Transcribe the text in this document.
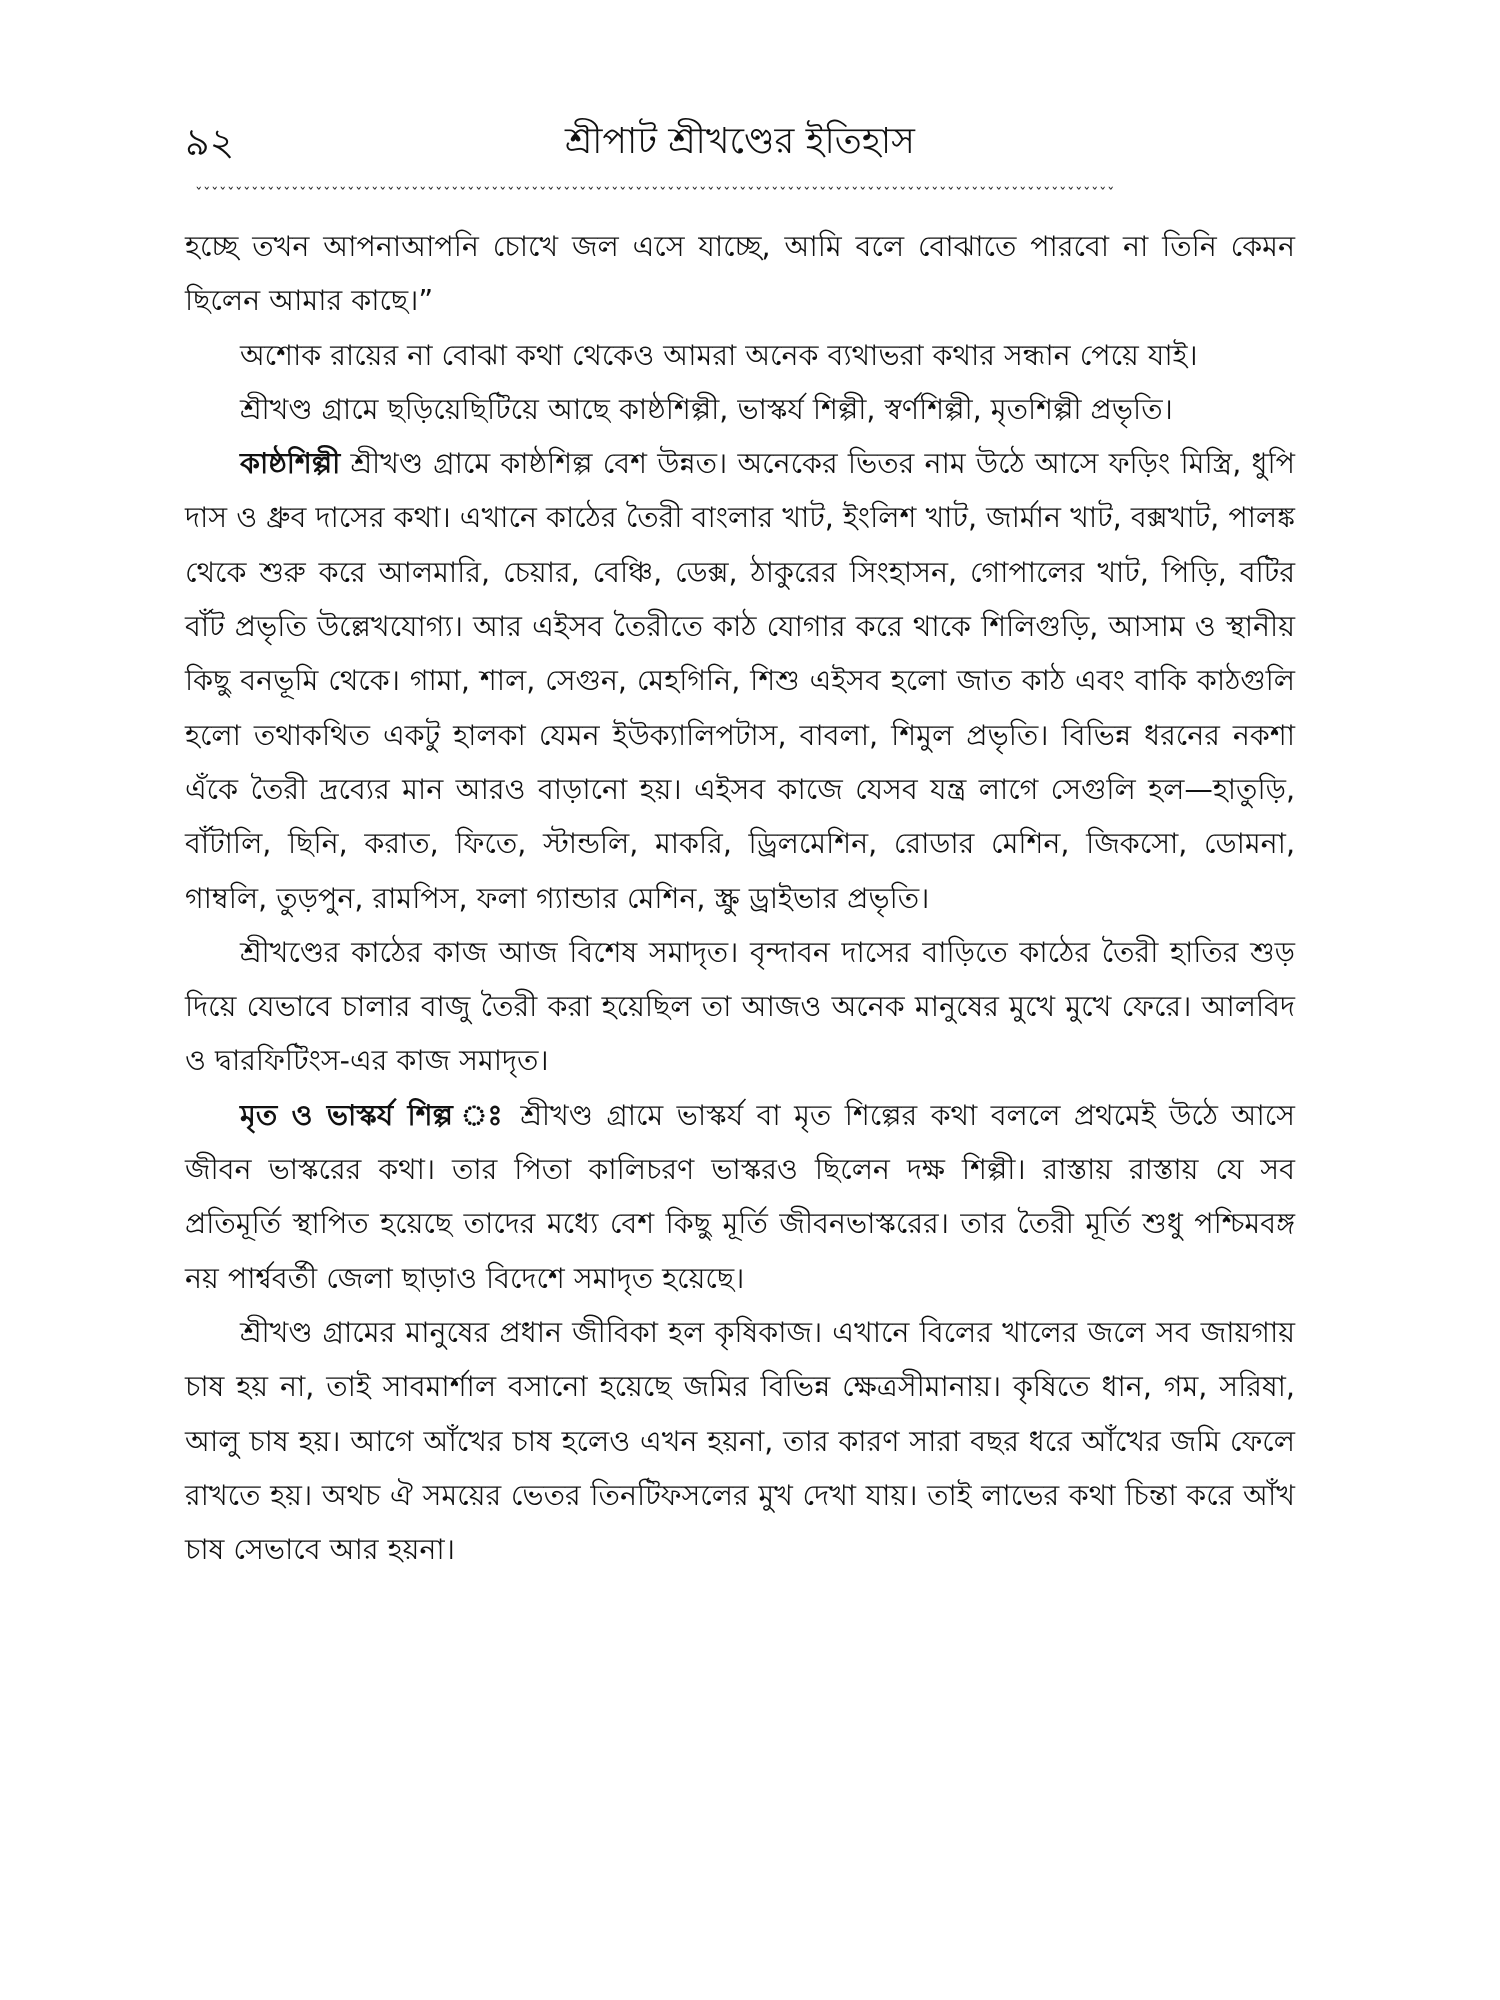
৯২	শ্রীপাট শ্রীখণ্ডের ইতিহাস
ˇˇˇˇˇˇˇˇˇˇˇˇˇˇˇˇˇˇˇˇˇˇˇˇˇˇˇˇˇˇˇˇˇˇˇˇˇˇˇˇˇˇˇˇˇˇˇˇˇˇˇˇˇˇˇˇˇˇˇˇˇˇˇˇˇˇˇˇˇˇˇˇˇˇˇˇˇˇˇˇˇˇˇˇˇˇˇˇˇˇˇˇˇˇˇˇˇˇˇˇˇˇˇˇˇˇˇˇˇˇˇˇˇˇˇ

হচ্ছে তখন আপনাআপনি চোখে জল এসে যাচ্ছে, আমি বলে বোঝাতে পারবো না তিনি কেমন ছিলেন আমার কাছে।”

অশোক রায়ের না বোঝা কথা থেকেও আমরা অনেক ব্যথাভরা কথার সন্ধান পেয়ে যাই।

শ্রীখণ্ড গ্রামে ছড়িয়েছিটিয়ে আছে কাষ্ঠশিল্পী, ভাস্কর্য শিল্পী, স্বর্ণশিল্পী, মৃতশিল্পী প্রভৃতি।

কাষ্ঠশিল্পী শ্রীখণ্ড গ্রামে কাষ্ঠশিল্প বেশ উন্নত। অনেকের ভিতর নাম উঠে আসে ফড়িং মিস্ত্রি, ধুপি দাস ও ধ্রুব দাসের কথা। এখানে কাঠের তৈরী বাংলার খাট, ইংলিশ খাট, জার্মান খাট, বক্সখাট, পালঙ্ক থেকে শুরু করে আলমারি, চেয়ার, বেঞ্চি, ডেক্স, ঠাকুরের সিংহাসন, গোপালের খাট, পিড়ি, বটির বাঁট প্রভৃতি উল্লেখযোগ্য। আর এইসব তৈরীতে কাঠ যোগার করে থাকে শিলিগুড়ি, আসাম ও স্থানীয় কিছু বনভূমি থেকে। গামা, শাল, সেগুন, মেহগিনি, শিশু এইসব হলো জাত কাঠ এবং বাকি কাঠগুলি হলো তথাকথিত একটু হালকা যেমন ইউক্যালিপটাস, বাবলা, শিমুল প্রভৃতি। বিভিন্ন ধরনের নকশা এঁকে তৈরী দ্রব্যের মান আরও বাড়ানো হয়। এইসব কাজে যেসব যন্ত্র লাগে সেগুলি হল—হাতুড়ি, বাঁটালি, ছিনি, করাত, ফিতে, স্টান্ডলি, মাকরি, ড্রিলমেশিন, রোডার মেশিন, জিকসো, ডোমনা, গাম্বলি, তুড়পুন, রামপিস, ফলা গ্যান্ডার মেশিন, স্ক্রু ড্রাইভার প্রভৃতি।

শ্রীখণ্ডের কাঠের কাজ আজ বিশেষ সমাদৃত। বৃন্দাবন দাসের বাড়িতে কাঠের তৈরী হাতির শুড় দিয়ে যেভাবে চালার বাজু তৈরী করা হয়েছিল তা আজও অনেক মানুষের মুখে মুখে ফেরে। আলবিদ ও দ্বারফিটিংস-এর কাজ সমাদৃত।

মৃত ও ভাস্কর্য শিল্প ঃ শ্রীখণ্ড গ্রামে ভাস্কর্য বা মৃত শিল্পের কথা বললে প্রথমেই উঠে আসে জীবন ভাস্করের কথা। তার পিতা কালিচরণ ভাস্করও ছিলেন দক্ষ শিল্পী। রাস্তায় রাস্তায় যে সব প্রতিমূর্তি স্থাপিত হয়েছে তাদের মধ্যে বেশ কিছু মূর্তি জীবনভাস্করের। তার তৈরী মূর্তি শুধু পশ্চিমবঙ্গ নয় পার্শ্ববর্তী জেলা ছাড়াও বিদেশে সমাদৃত হয়েছে।

শ্রীখণ্ড গ্রামের মানুষের প্রধান জীবিকা হল কৃষিকাজ। এখানে বিলের খালের জলে সব জায়গায় চাষ হয় না, তাই সাবমার্শাল বসানো হয়েছে জমির বিভিন্ন ক্ষেত্রসীমানায়। কৃষিতে ধান, গম, সরিষা, আলু চাষ হয়। আগে আঁখের চাষ হলেও এখন হয়না, তার কারণ সারা বছর ধরে আঁখের জমি ফেলে রাখতে হয়। অথচ ঐ সময়ের ভেতর তিনটিফসলের মুখ দেখা যায়। তাই লাভের কথা চিন্তা করে আঁখ চাষ সেভাবে আর হয়না।
